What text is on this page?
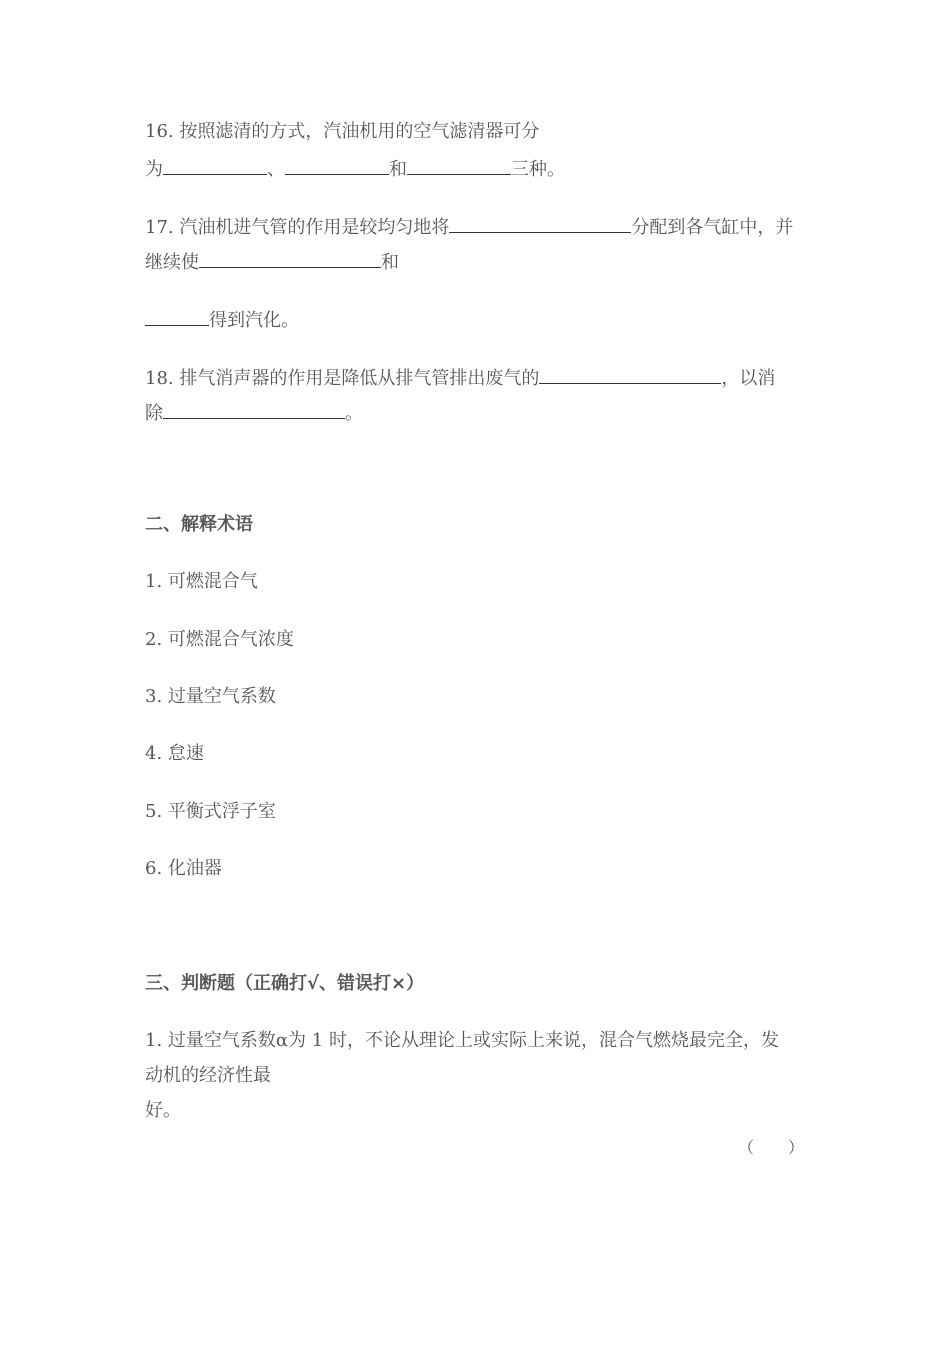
16. 按照滤清的方式，汽油机用的空气滤清器可分
为	、	和	三种。
17. 汽油机进气管的作用是较均匀地将	分配到各气缸中，并
继续使	和
得到汽化。
18. 排气消声器的作用是降低从排气管排出废气的	，以消
除	。
二、解释术语
1. 可燃混合气
2. 可燃混合气浓度
3. 过量空气系数
4. 怠速
5. 平衡式浮子室
6. 化油器
三、判断题（正确打√、错误打×）
1. 过量空气系数α为 1 时，不论从理论上或实际上来说，混合气燃烧最完全，发
动机的经济性最
好。
（ ）
